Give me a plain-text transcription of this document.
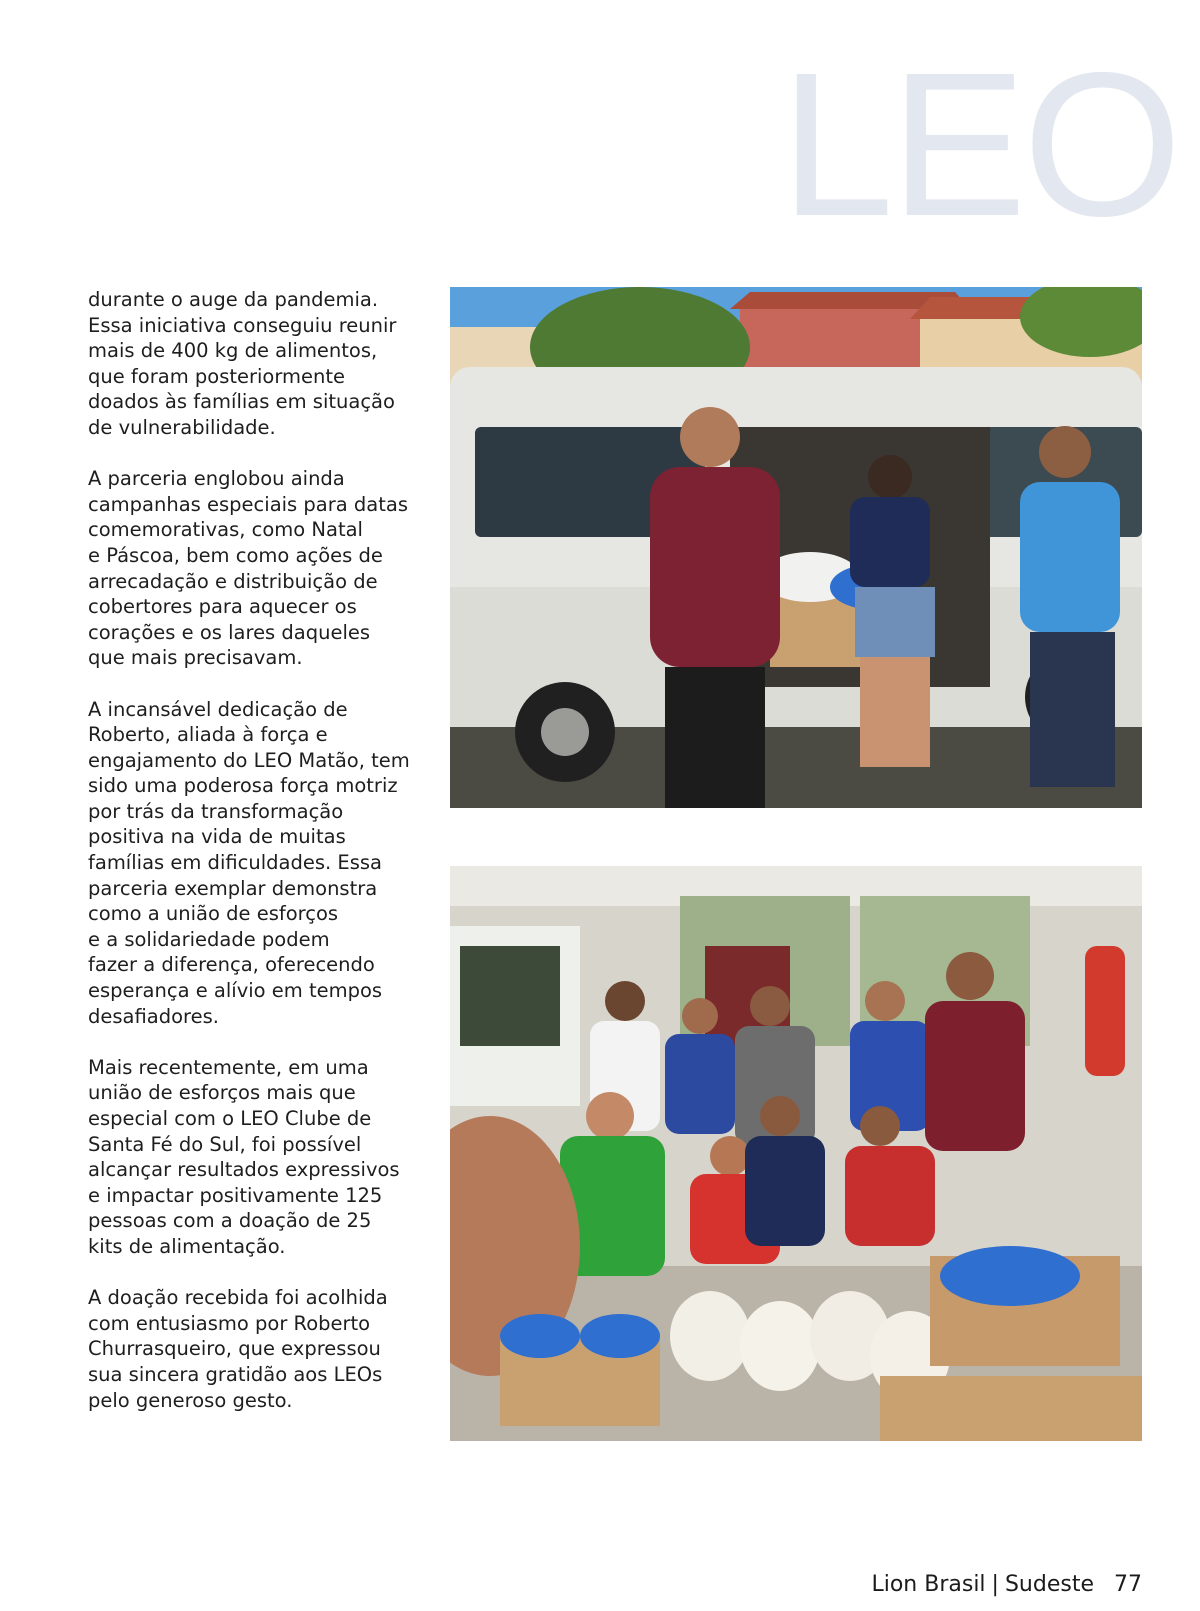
LEO

durante o auge da pandemia.
Essa iniciativa conseguiu reunir
mais de 400 kg de alimentos,
que foram posteriormente
doados às famílias em situação
de vulnerabilidade.

A parceria englobou ainda
campanhas especiais para datas
comemorativas, como Natal
e Páscoa, bem como ações de
arrecadação e distribuição de
cobertores para aquecer os
corações e os lares daqueles
que mais precisavam.

A incansável dedicação de
Roberto, aliada à força e
engajamento do LEO Matão, tem
sido uma poderosa força motriz
por trás da transformação
positiva na vida de muitas
famílias em dificuldades. Essa
parceria exemplar demonstra
como a união de esforços
e a solidariedade podem
fazer a diferença, oferecendo
esperança e alívio em tempos
desafiadores.

Mais recentemente, em uma
união de esforços mais que
especial com o LEO Clube de
Santa Fé do Sul, foi possível
alcançar resultados expressivos
e impactar positivamente 125
pessoas com a doação de 25
kits de alimentação.

A doação recebida foi acolhida
com entusiasmo por Roberto
Churrasqueiro, que expressou
sua sincera gratidão aos LEOs
pelo generoso gesto.

Lion Brasil | Sudeste 77
